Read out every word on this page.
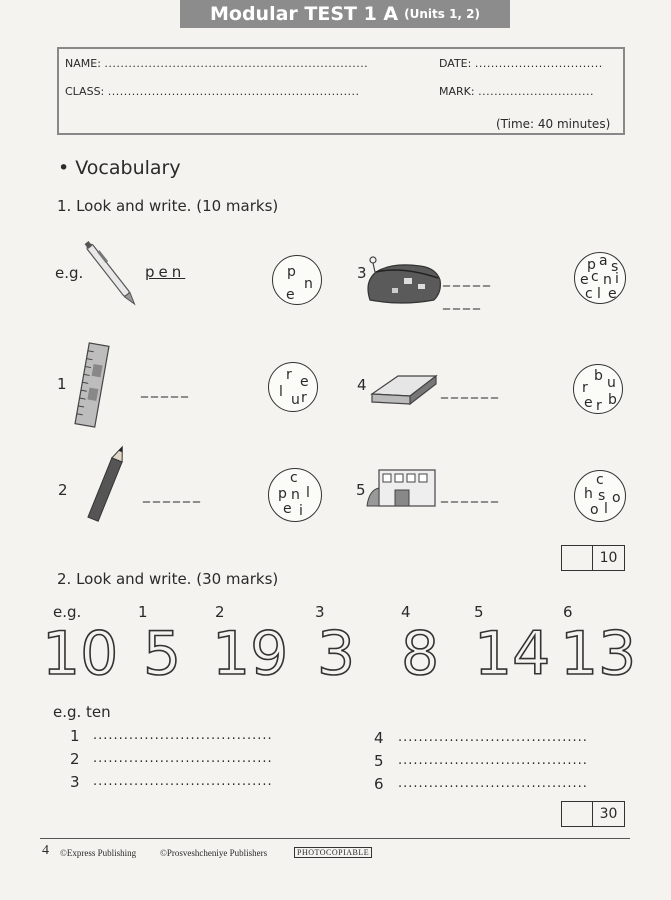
Modular TEST 1 A (Units 1, 2)
NAME: ..................................................................	DATE: ................................
CLASS: ...............................................................	MARK: .............................
(Time: 40 minutes)
• Vocabulary
1. Look and write. (10 marks)
e.g.	pen	p
n
e
3	_____
____
p a s
e c n i
c l e
1	_____
r e
l u r
4	______
b u
r
e r b
2	______
c
p n l
e i
5	______
c
h s o
o l
10
2. Look and write. (30 marks)
e.g.	1	2	3	4	5	6
10 5 19 3 8 14 13
e.g. ten
1 ...................................
2 ...................................
3 ...................................
4 .....................................
5 .....................................
6 .....................................
30
4 ©Express Publishing	©Prosveshcheniye Publishers	PHOTOCOPIABLE
